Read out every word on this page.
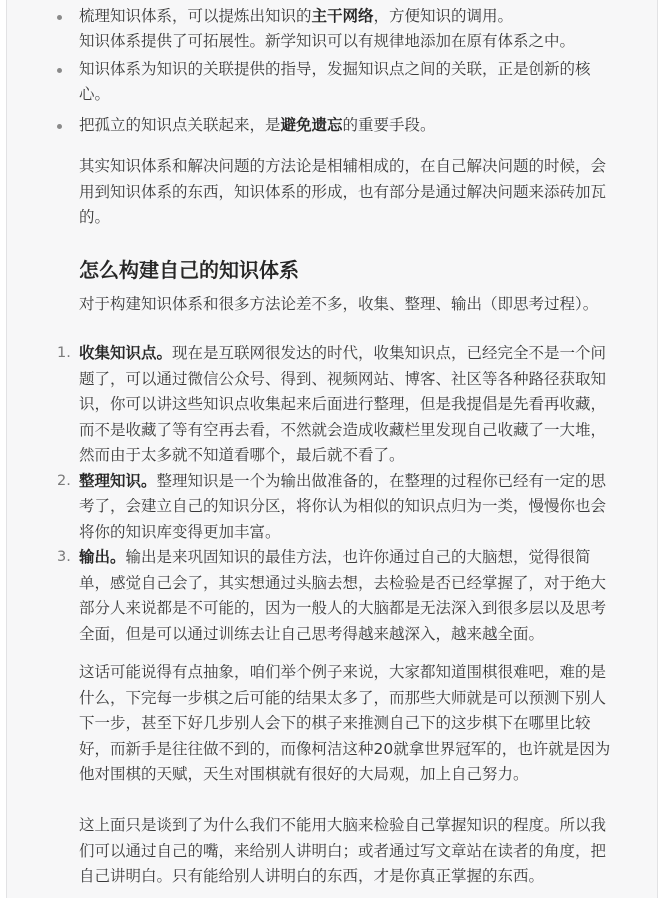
梳理知识体系，可以提炼出知识的主干网络，方便知识的调用。
知识体系提供了可拓展性。新学知识可以有规律地添加在原有体系之中。
知识体系为知识的关联提供的指导，发掘知识点之间的关联，正是创新的核
心。
把孤立的知识点关联起来，是避免遗忘的重要手段。

其实知识体系和解决问题的方法论是相辅相成的，在自己解决问题的时候，会
用到知识体系的东西，知识体系的形成，也有部分是通过解决问题来添砖加瓦
的。

怎么构建自己的知识体系

对于构建知识体系和很多方法论差不多，收集、整理、输出（即思考过程）。

1. 收集知识点。现在是互联网很发达的时代，收集知识点，已经完全不是一个问
题了，可以通过微信公众号、得到、视频网站、博客、社区等各种路径获取知
识，你可以讲这些知识点收集起来后面进行整理，但是我提倡是先看再收藏，
而不是收藏了等有空再去看，不然就会造成收藏栏里发现自己收藏了一大堆，
然而由于太多就不知道看哪个，最后就不看了。
2. 整理知识。整理知识是一个为输出做准备的，在整理的过程你已经有一定的思
考了，会建立自己的知识分区，将你认为相似的知识点归为一类，慢慢你也会
将你的知识库变得更加丰富。
3. 输出。输出是来巩固知识的最佳方法，也许你通过自己的大脑想，觉得很简
单，感觉自己会了，其实想通过头脑去想，去检验是否已经掌握了，对于绝大
部分人来说都是不可能的，因为一般人的大脑都是无法深入到很多层以及思考
全面，但是可以通过训练去让自己思考得越来越深入，越来越全面。

这话可能说得有点抽象，咱们举个例子来说，大家都知道围棋很难吧，难的是
什么，下完每一步棋之后可能的结果太多了，而那些大师就是可以预测下别人
下一步，甚至下好几步别人会下的棋子来推测自己下的这步棋下在哪里比较
好，而新手是往往做不到的，而像柯洁这种20就拿世界冠军的，也许就是因为
他对围棋的天赋，天生对围棋就有很好的大局观，加上自己努力。

这上面只是谈到了为什么我们不能用大脑来检验自己掌握知识的程度。所以我
们可以通过自己的嘴，来给别人讲明白；或者通过写文章站在读者的角度，把
自己讲明白。只有能给别人讲明白的东西，才是你真正掌握的东西。
